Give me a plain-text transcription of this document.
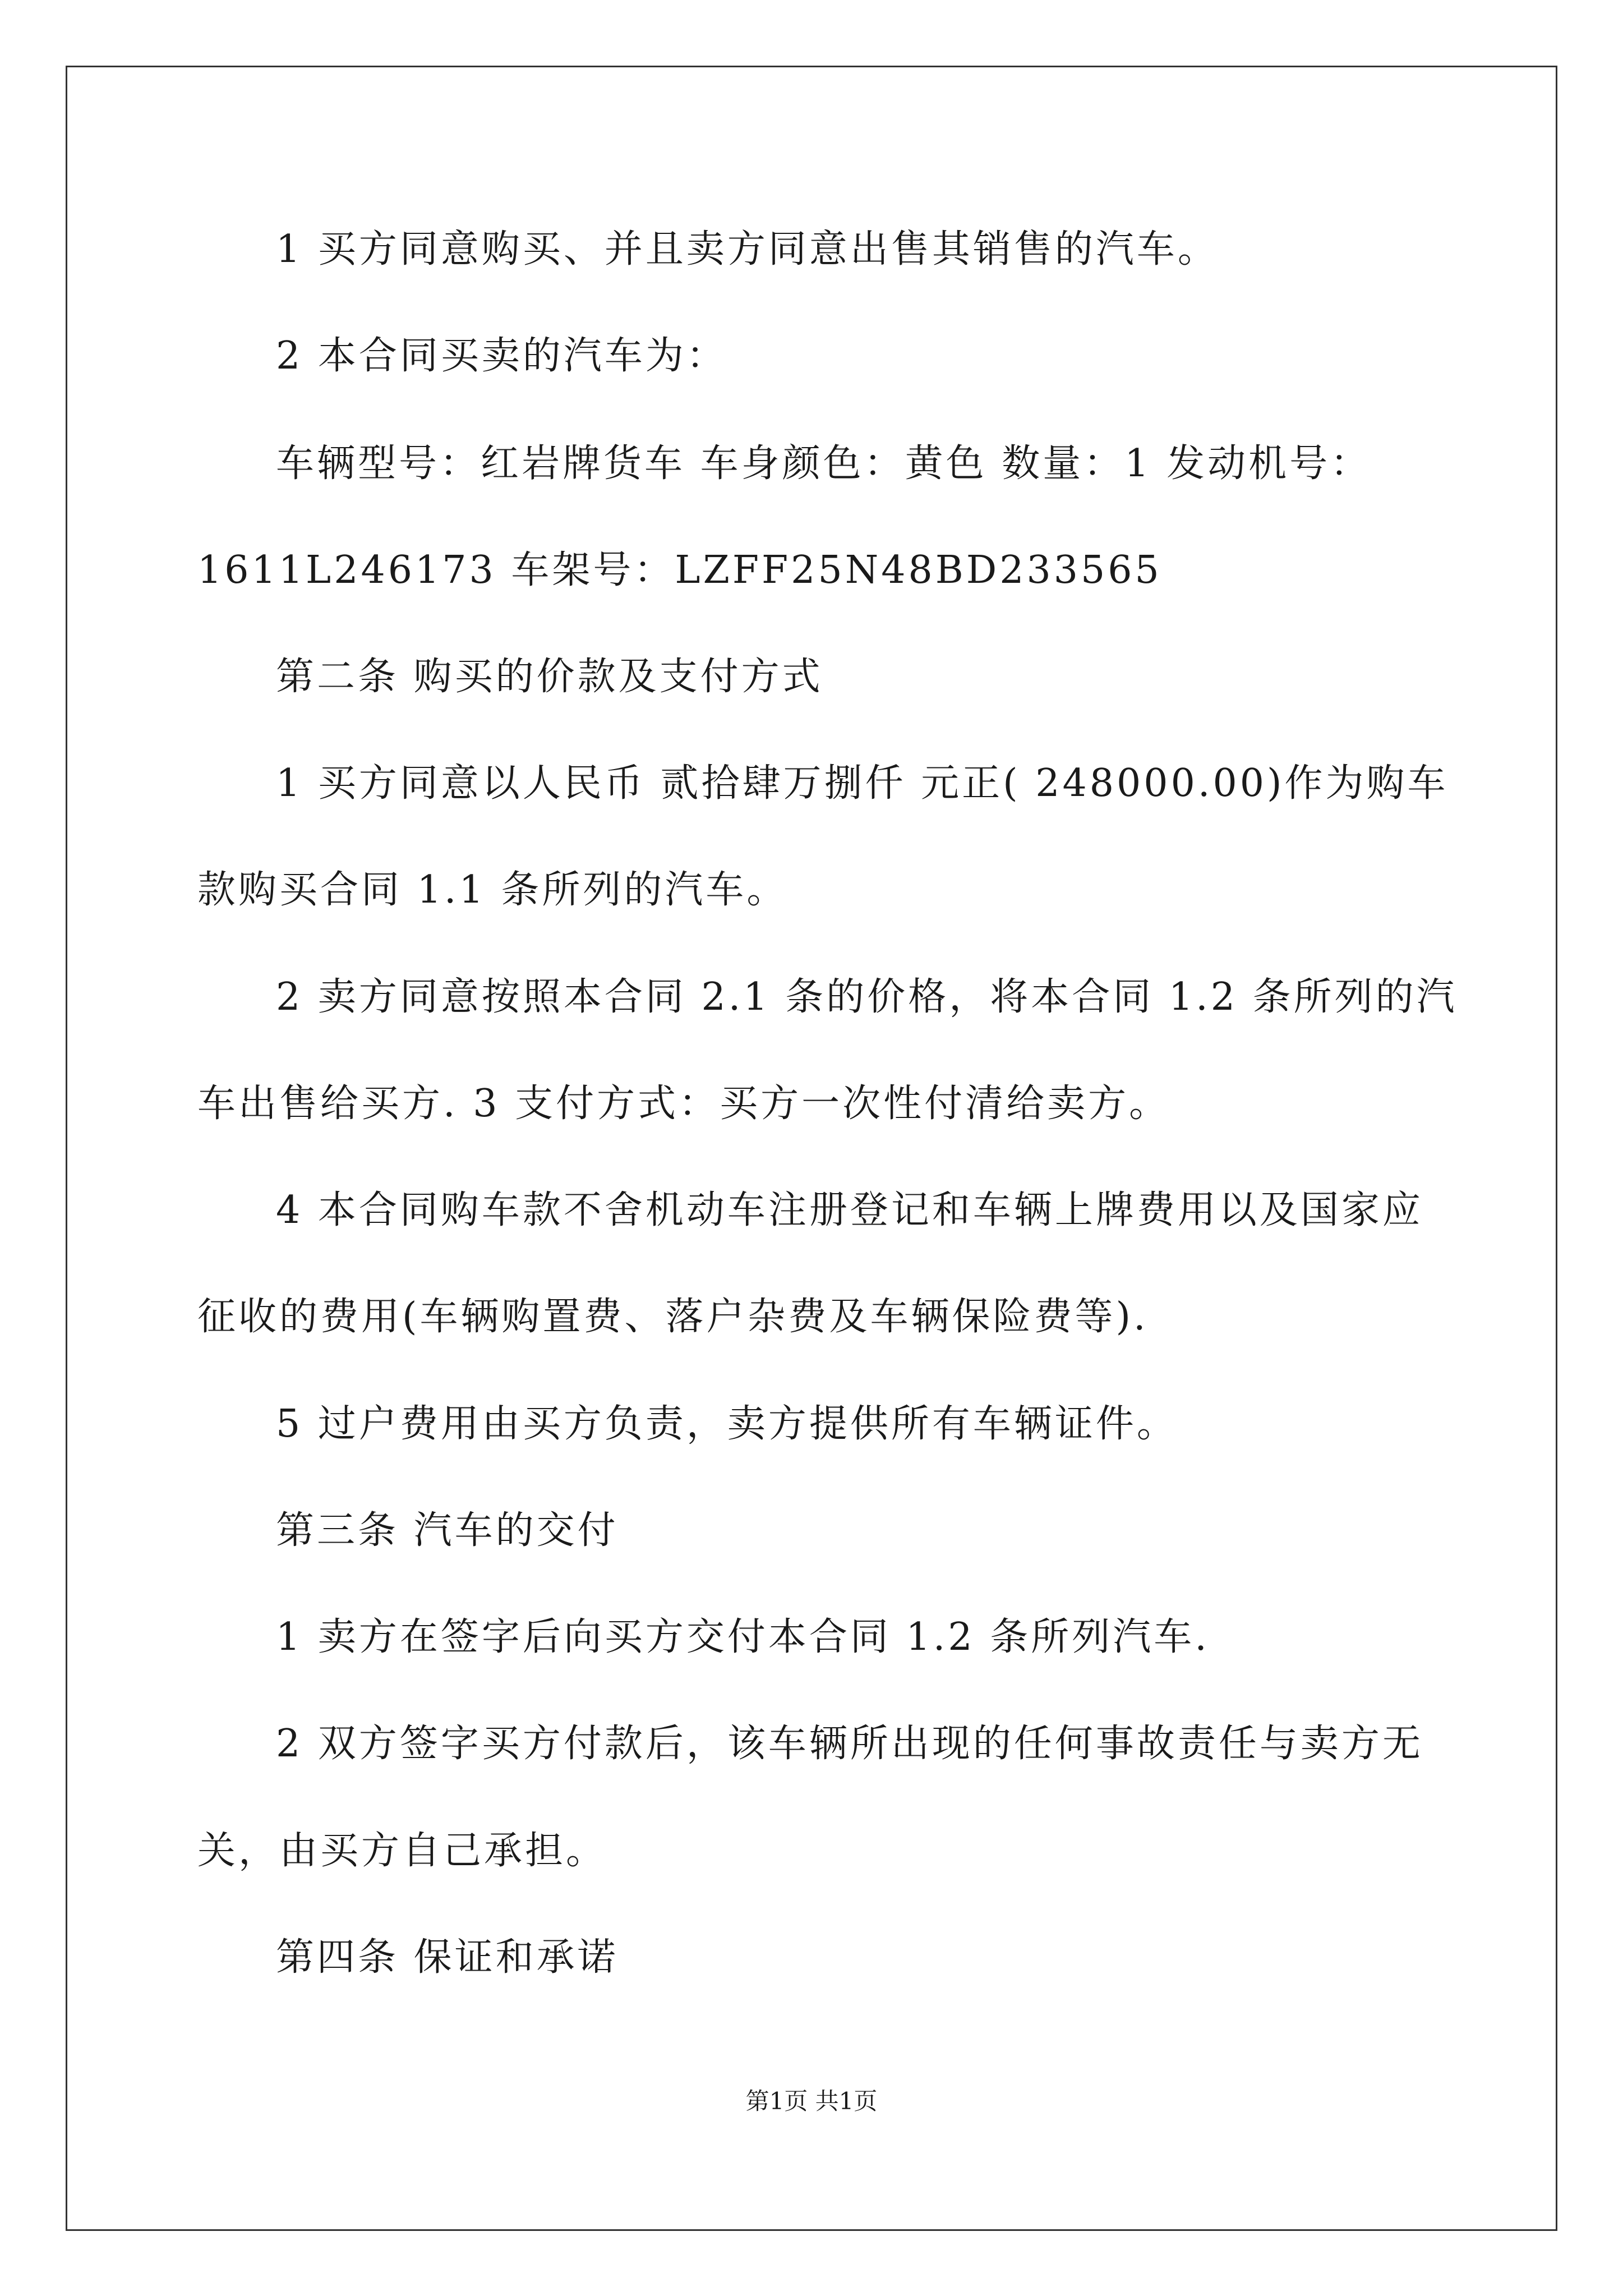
1 买方同意购买、并且卖方同意出售其销售的汽车。
2 本合同买卖的汽车为：
车辆型号：红岩牌货车 车身颜色：黄色 数量：1 发动机号：
1611L246173 车架号：LZFF25N48BD233565
第二条 购买的价款及支付方式
1 买方同意以人民币 贰拾肆万捌仟 元正( 248000.00)作为购车
款购买合同 1.1 条所列的汽车。
2 卖方同意按照本合同 2.1 条的价格，将本合同 1.2 条所列的汽
车出售给买方. 3 支付方式：买方一次性付清给卖方。
4 本合同购车款不舍机动车注册登记和车辆上牌费用以及国家应
征收的费用(车辆购置费、落户杂费及车辆保险费等).
5 过户费用由买方负责，卖方提供所有车辆证件。
第三条 汽车的交付
1 卖方在签字后向买方交付本合同 1.2 条所列汽车.
2 双方签字买方付款后，该车辆所出现的任何事故责任与卖方无
关，由买方自己承担。
第四条 保证和承诺
第1页 共1页
